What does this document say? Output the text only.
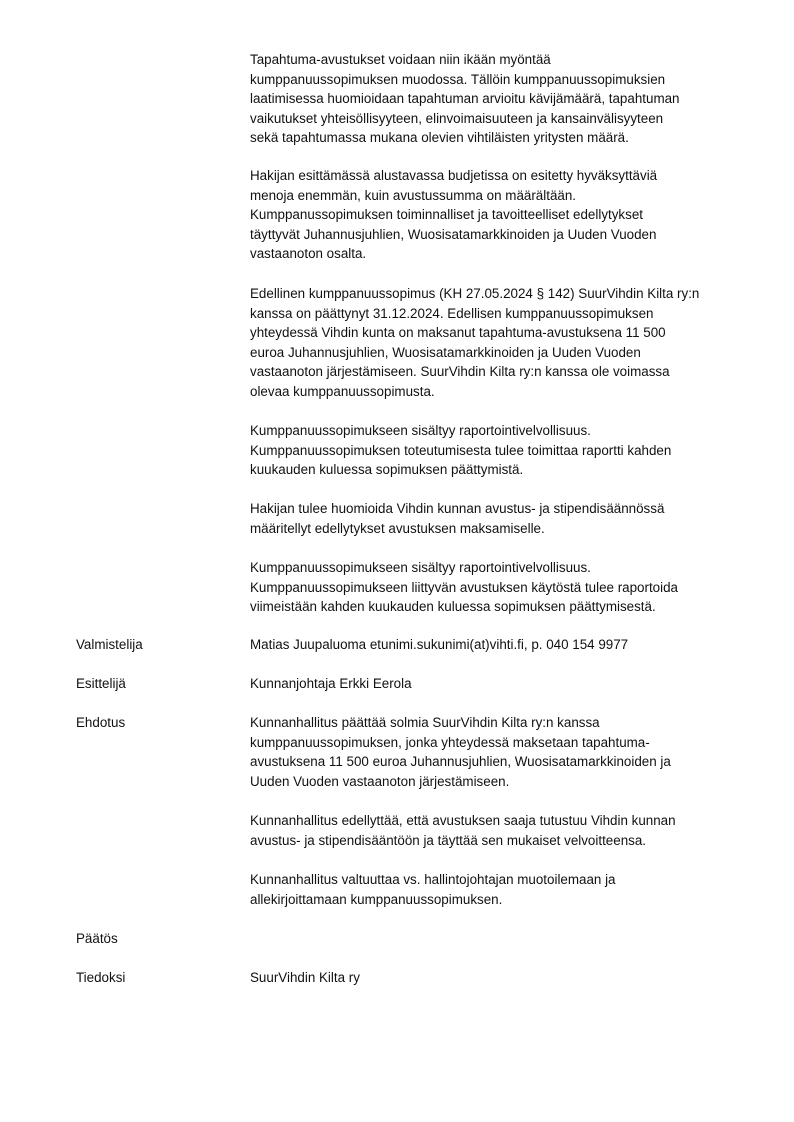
Tapahtuma-avustukset voidaan niin ikään myöntää
kumppanuussopimuksen muodossa. Tällöin kumppanuussopimuksien
laatimisessa huomioidaan tapahtuman arvioitu kävijämäärä, tapahtuman
vaikutukset yhteisöllisyyteen, elinvoimaisuuteen ja kansainvälisyyteen
sekä tapahtumassa mukana olevien vihtiläisten yritysten määrä.
Hakijan esittämässä alustavassa budjetissa on esitetty hyväksyttäviä
menoja enemmän, kuin avustussumma on määrältään.
Kumppanussopimuksen toiminnalliset ja tavoitteelliset edellytykset
täyttyvät Juhannusjuhlien, Wuosisatamarkkinoiden ja Uuden Vuoden
vastaanoton osalta.
Edellinen kumppanuussopimus (KH 27.05.2024 § 142) SuurVihdin Kilta ry:n
kanssa on päättynyt 31.12.2024. Edellisen kumppanuussopimuksen
yhteydessä Vihdin kunta on maksanut tapahtuma-avustuksena 11 500
euroa Juhannusjuhlien, Wuosisatamarkkinoiden ja Uuden Vuoden
vastaanoton järjestämiseen. SuurVihdin Kilta ry:n kanssa ole voimassa
olevaa kumppanuussopimusta.
Kumppanuussopimukseen sisältyy raportointivelvollisuus.
Kumppanuussopimuksen toteutumisesta tulee toimittaa raportti kahden
kuukauden kuluessa sopimuksen päättymistä.
Hakijan tulee huomioida Vihdin kunnan avustus- ja stipendisäännössä
määritellyt edellytykset avustuksen maksamiselle.
Kumppanuussopimukseen sisältyy raportointivelvollisuus.
Kumppanuussopimukseen liittyvän avustuksen käytöstä tulee raportoida
viimeistään kahden kuukauden kuluessa sopimuksen päättymisestä.

Valmistelija	Matias Juupaluoma etunimi.sukunimi(at)vihti.fi, p. 040 154 9977

Esittelijä	Kunnanjohtaja Erkki Eerola

Ehdotus	Kunnanhallitus päättää solmia SuurVihdin Kilta ry:n kanssa
kumppanuussopimuksen, jonka yhteydessä maksetaan tapahtuma-
avustuksena 11 500 euroa Juhannusjuhlien, Wuosisatamarkkinoiden ja
Uuden Vuoden vastaanoton järjestämiseen.
Kunnanhallitus edellyttää, että avustuksen saaja tutustuu Vihdin kunnan
avustus- ja stipendisääntöön ja täyttää sen mukaiset velvoitteensa.
Kunnanhallitus valtuuttaa vs. hallintojohtajan muotoilemaan ja
allekirjoittamaan kumppanuussopimuksen.

Päätös

Tiedoksi	SuurVihdin Kilta ry
